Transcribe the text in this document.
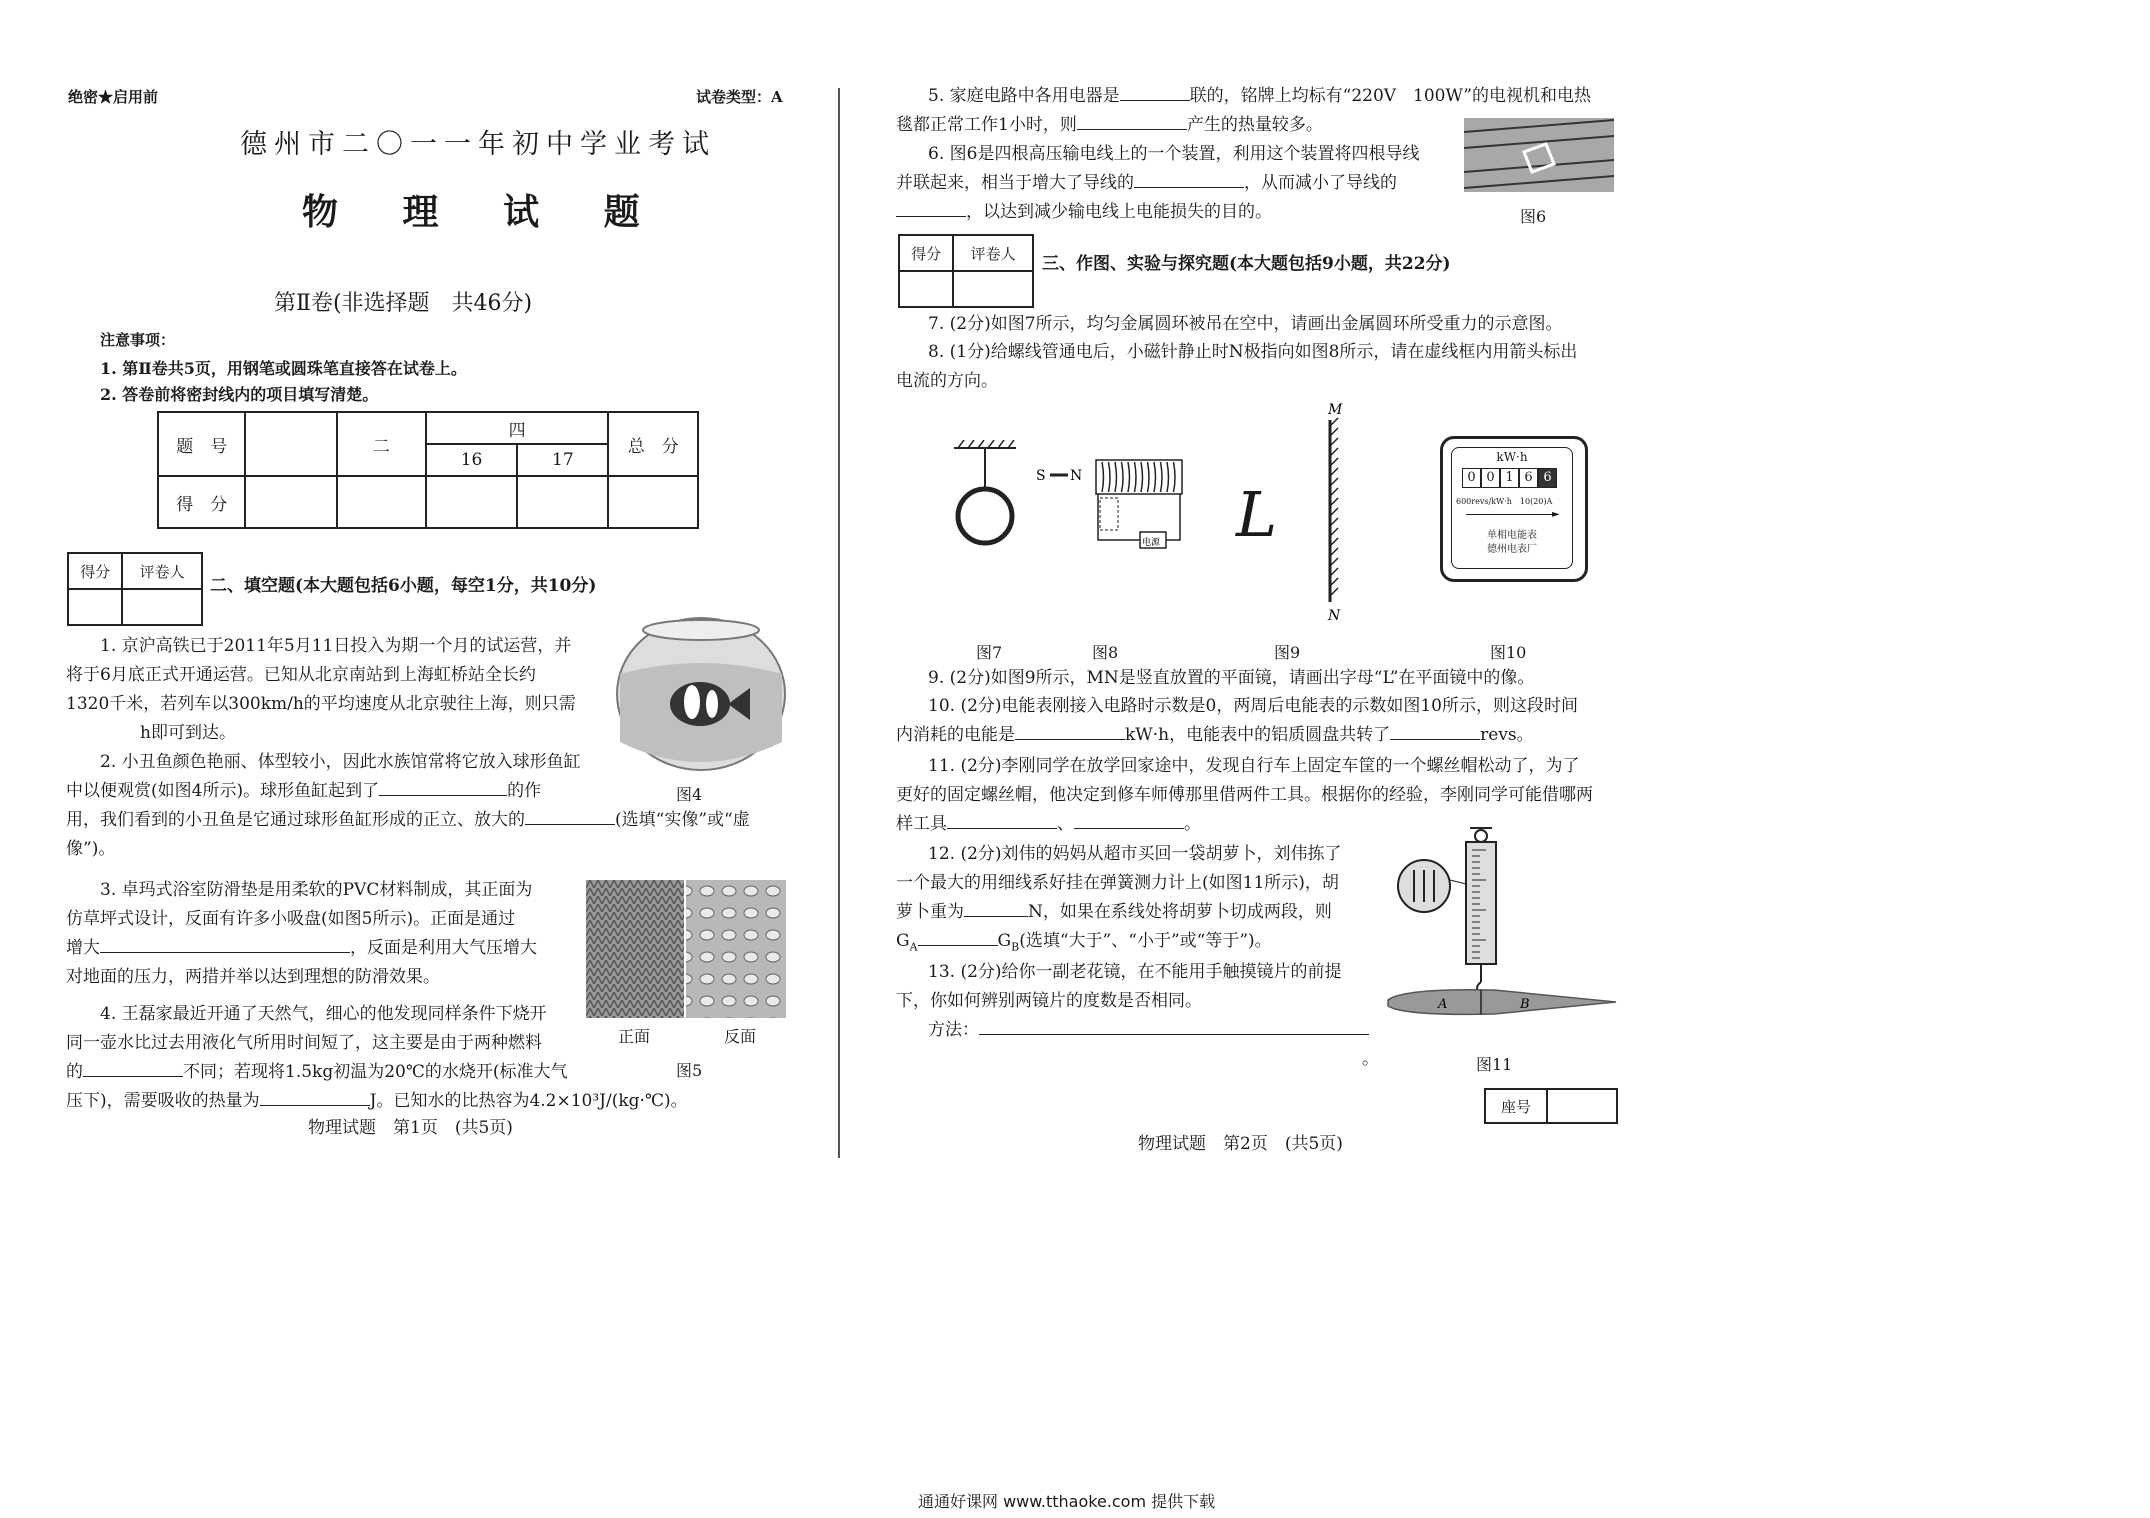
绝密★启用前	试卷类型：A
德州市二〇一一年初中学业考试
物 理 试 题
第Ⅱ卷(非选择题　共46分)
注意事项：
1. 第Ⅱ卷共5页，用钢笔或圆珠笔直接答在试卷上。
2. 答卷前将密封线内的项目填写清楚。
题　号		二	四		总　分
			16	17	
得　分					
得分	评卷人

二、填空题(本大题包括6小题，每空1分，共10分)
1. 京沪高铁已于2011年5月11日投入为期一个月的试运营，并
将于6月底正式开通运营。已知从北京南站到上海虹桥站全长约
1320千米，若列车以300km/h的平均速度从北京驶往上海，则只需
h即可到达。
图4
2. 小丑鱼颜色艳丽、体型较小，因此水族馆常将它放入球形鱼缸
中以便观赏(如图4所示)。球形鱼缸起到了	的作
用，我们看到的小丑鱼是它通过球形鱼缸形成的正立、放大的	(选填“实像”或“虚
像”)。
3. 卓玛式浴室防滑垫是用柔软的PVC材料制成，其正面为
仿草坪式设计，反面有许多小吸盘(如图5所示)。正面是通过
增大	，反面是利用大气压增大
对地面的压力，两措并举以达到理想的防滑效果。
正面	反面
图5
4. 王磊家最近开通了天然气，细心的他发现同样条件下烧开
同一壶水比过去用液化气所用时间短了，这主要是由于两种燃料
的	不同；若现将1.5kg初温为20℃的水烧开(标准大气
压下)，需要吸收的热量为	J。已知水的比热容为4.2×10³J/(kg·℃)。
物理试题　第1页　(共5页)
5. 家庭电路中各用电器是	联的，铭牌上均标有“220V　100W”的电视机和电热
毯都正常工作1小时，则	产生的热量较多。
6. 图6是四根高压输电线上的一个装置，利用这个装置将四根导线
并联起来，相当于增大了导线的	，从而减小了导线的
，以达到减少输电线上电能损失的目的。	图6
得分	评卷人

三、作图、实验与探究题(本大题包括9小题，共22分)
7. (2分)如图7所示，均匀金属圆环被吊在空中，请画出金属圆环所受重力的示意图。
8. (1分)给螺线管通电后，小磁针静止时N极指向如图8所示，请在虚线框内用箭头标出
电流的方向。
图7
S N
电源
图8
L
M
N
图9
kW·h
0 0 1 6 6
600revs/kW·h　10(20)A
►
单相电能表
德州电表厂
图10
9. (2分)如图9所示，MN是竖直放置的平面镜，请画出字母“L”在平面镜中的像。
10. (2分)电能表刚接入电路时示数是0，两周后电能表的示数如图10所示，则这段时间
内消耗的电能是	kW·h，电能表中的铝质圆盘共转了	revs。
11. (2分)李刚同学在放学回家途中，发现自行车上固定车筐的一个螺丝帽松动了，为了
更好的固定螺丝帽，他决定到修车师傅那里借两件工具。根据你的经验，李刚同学可能借哪两
样工具	、	。
12. (2分)刘伟的妈妈从超市买回一袋胡萝卜，刘伟拣了
一个最大的用细线系好挂在弹簧测力计上(如图11所示)，胡
萝卜重为	N，如果在系线处将胡萝卜切成两段，则
$G_A$	$G_B$(选填“大于”、“小于”或“等于”)。
13. (2分)给你一副老花镜，在不能用手触摸镜片的前提
下，你如何辨别两镜片的度数是否相同。
方法：
。
A	B
图11
座号	
物理试题　第2页　(共5页)
通通好课网 www.tthaoke.com 提供下载
